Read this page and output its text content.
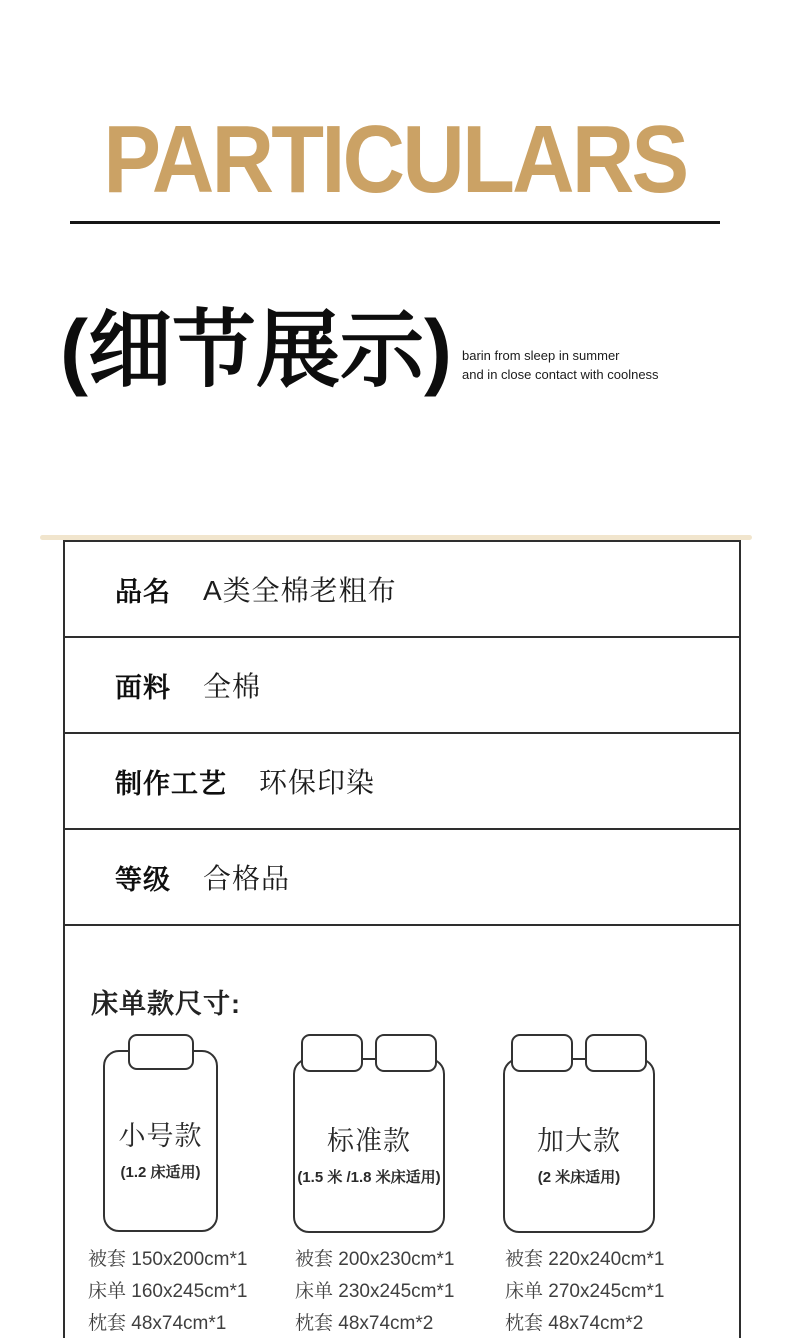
PARTICULARS
(细节展示) barin from sleep in summer
and in close contact with coolness
品名 A类全棉老粗布
面料 全棉
制作工艺 环保印染
等级 合格品
床单款尺寸:
小号款
(1.2 床适用)
标准款
(1.5 米 /1.8 米床适用)
加大款
(2 米床适用)
被套 150x200cm*1
床单 160x245cm*1
枕套 48x74cm*1
被套 200x230cm*1
床单 230x245cm*1
枕套 48x74cm*2
被套 220x240cm*1
床单 270x245cm*1
枕套 48x74cm*2
